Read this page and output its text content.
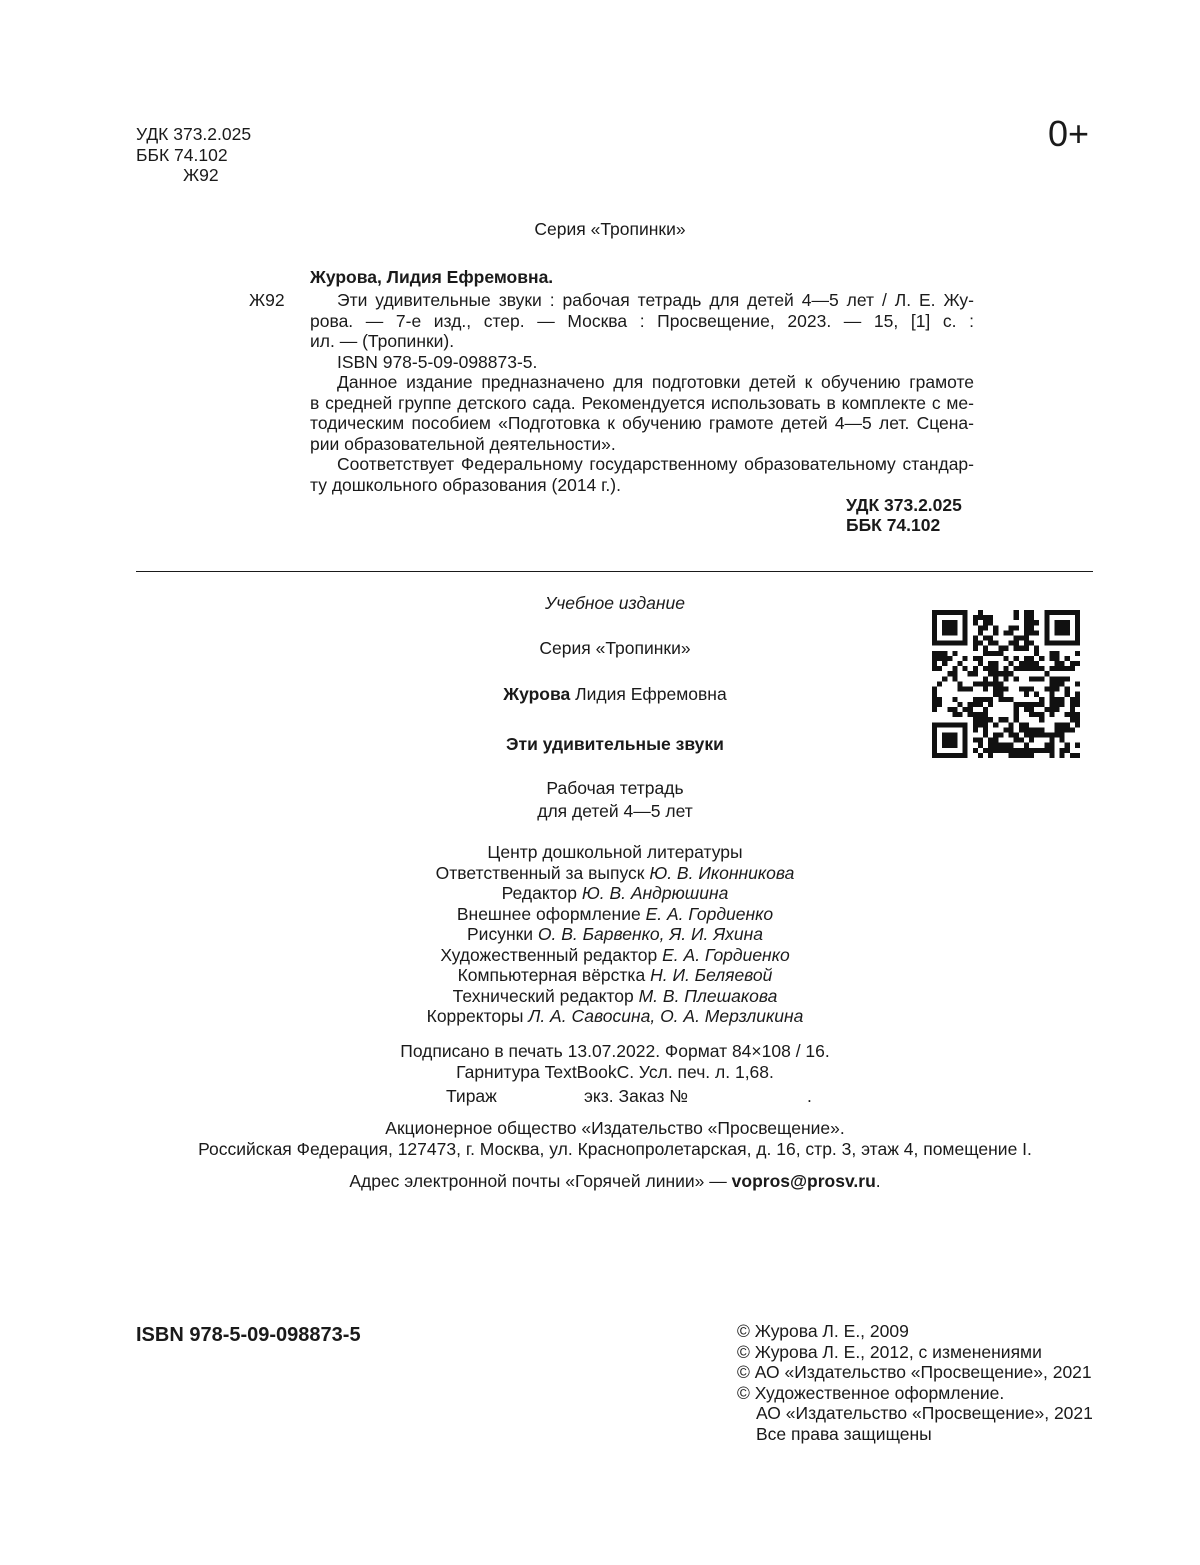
УДК 373.2.025
ББК 74.102
Ж92
0+
Серия «Тропинки»
Журова, Лидия Ефремовна.
Ж92	Эти удивительные звуки : рабочая тетрадь для детей 4—5 лет / Л. Е. Жу-
рова. — 7-е изд., стер. — Москва : Просвещение, 2023. — 15, [1] с. :
ил. — (Тропинки).
ISBN 978-5-09-098873-5.
Данное издание предназначено для подготовки детей к обучению грамоте
в средней группе детского сада. Рекомендуется использовать в комплекте с ме-
тодическим пособием «Подготовка к обучению грамоте детей 4—5 лет. Сцена-
рии образовательной деятельности».
Соответствует Федеральному государственному образовательному стандар-
ту дошкольного образования (2014 г.).
УДК 373.2.025
ББК 74.102
Учебное издание
Серия «Тропинки»
Журова Лидия Ефремовна
Эти удивительные звуки
Рабочая тетрадь
для детей 4—5 лет
Центр дошкольной литературы
Ответственный за выпуск Ю. В. Иконникова
Редактор Ю. В. Андрюшина
Внешнее оформление Е. А. Гордиенко
Рисунки О. В. Барвенко, Я. И. Яхина
Художественный редактор Е. А. Гордиенко
Компьютерная вёрстка Н. И. Беляевой
Технический редактор М. В. Плешакова
Корректоры Л. А. Савосина, О. А. Мерзликина
Подписано в печать 13.07.2022. Формат 84×108 / 16.
Гарнитура TextBookC. Усл. печ. л. 1,68.
Тираж	экз. Заказ №	.
Акционерное общество «Издательство «Просвещение».
Российская Федерация, 127473, г. Москва, ул. Краснопролетарская, д. 16, стр. 3, этаж 4, помещение I.
Адрес электронной почты «Горячей линии» — vopros@prosv.ru.
ISBN 978-5-09-098873-5	© Журова Л. Е., 2009
© Журова Л. Е., 2012, с изменениями
© АО «Издательство «Просвещение», 2021
© Художественное оформление.
АО «Издательство «Просвещение», 2021
Все права защищены
